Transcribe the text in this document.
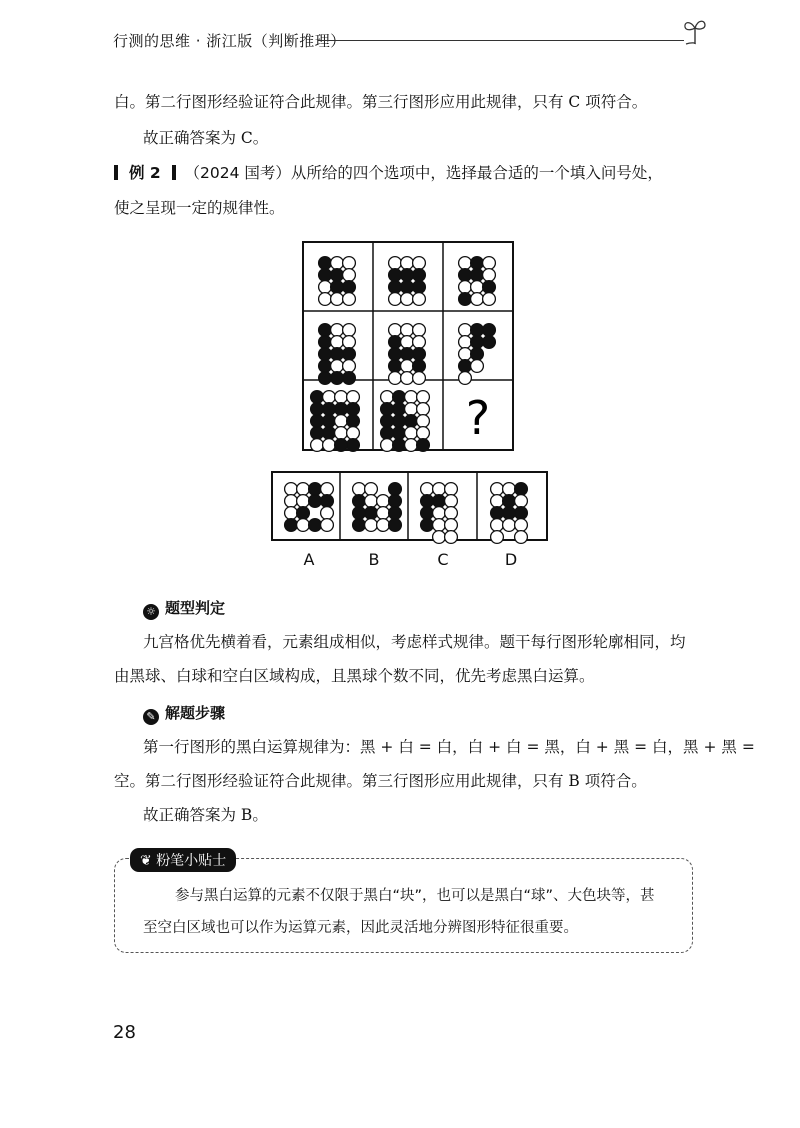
行测的思维 · 浙江版（判断推理）
白。第二行图形经验证符合此规律。第三行图形应用此规律，只有 C 项符合。
故正确答案为 C。
例 2 （2024 国考）从所给的四个选项中，选择最合适的一个填入问号处，
使之呈现一定的规律性。
?
A	B	C	D
☼ 题型判定
九宫格优先横着看，元素组成相似，考虑样式规律。题干每行图形轮廓相同，均
由黑球、白球和空白区域构成，且黑球个数不同，优先考虑黑白运算。
✎ 解题步骤
第一行图形的黑白运算规律为：黑 + 白 = 白，白 + 白 = 黑，白 + 黑 = 白，黑 + 黑 =
空。第二行图形经验证符合此规律。第三行图形应用此规律，只有 B 项符合。
故正确答案为 B。
❦ 粉笔小贴士
参与黑白运算的元素不仅限于黑白“块”，也可以是黑白“球”、大色块等，甚
至空白区域也可以作为运算元素，因此灵活地分辨图形特征很重要。
28
